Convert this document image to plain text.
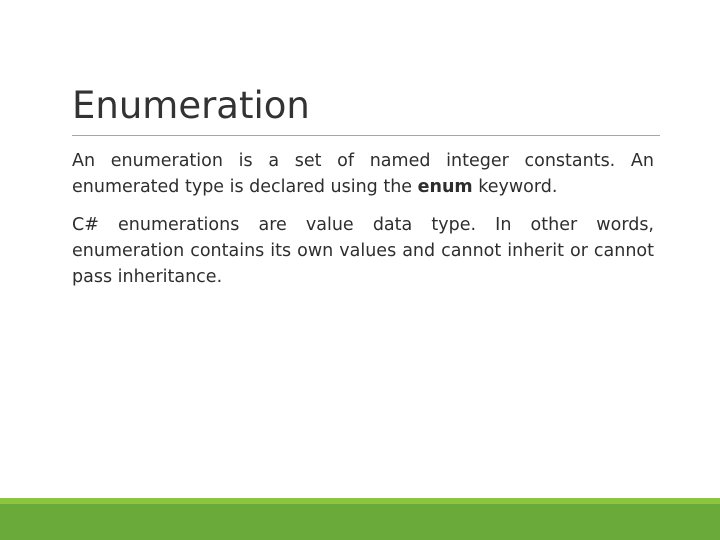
Enumeration

An enumeration is a set of named integer constants. An enumerated type is declared using the enum keyword.

C# enumerations are value data type. In other words, enumeration contains its own values and cannot inherit or cannot pass inheritance.
